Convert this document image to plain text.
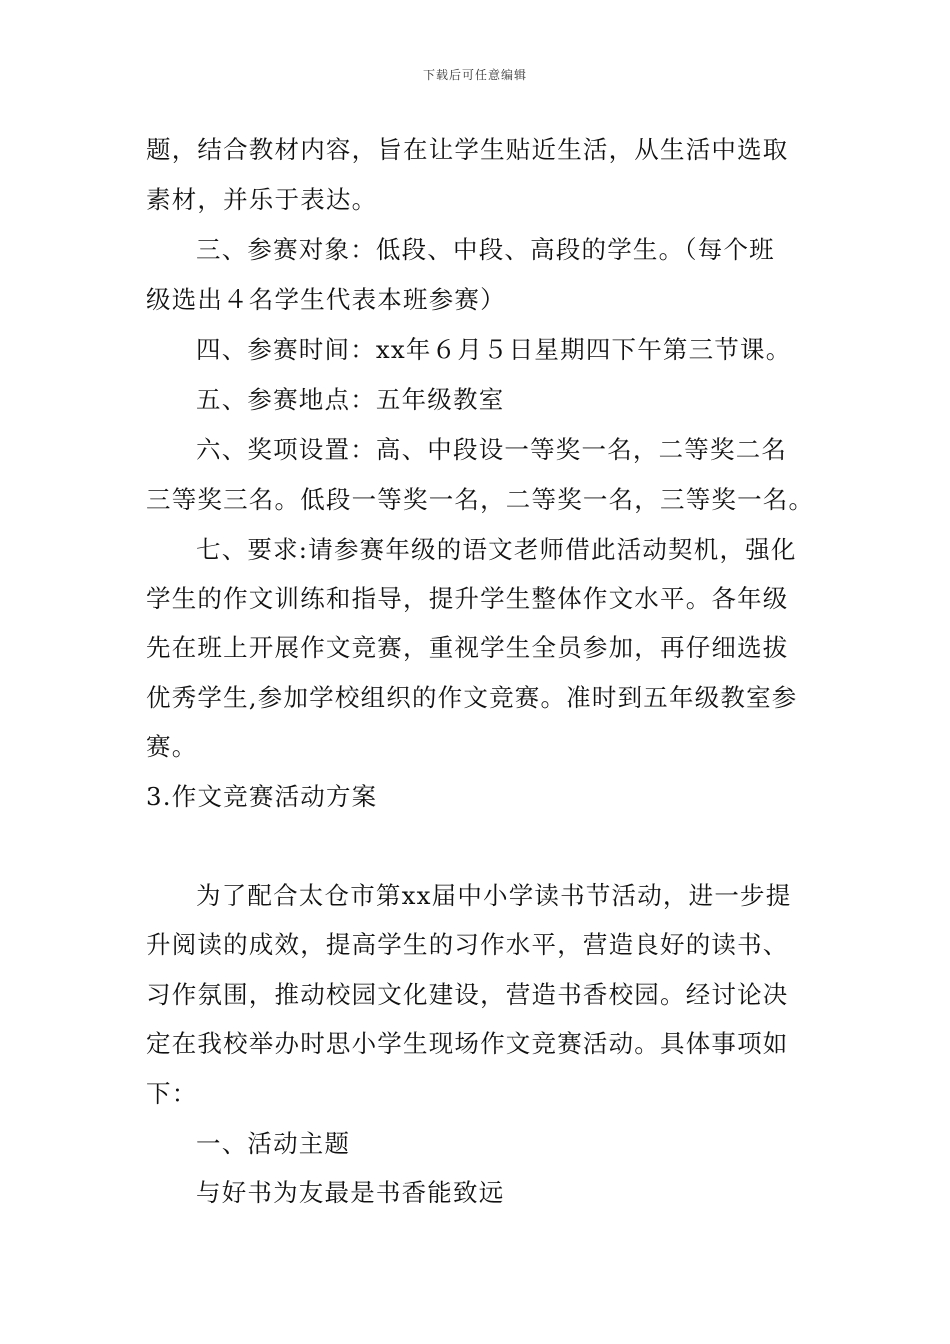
下载后可任意编辑
题，结合教材内容，旨在让学生贴近生活，从生活中选取
素材，并乐于表达。
三、参赛对象：低段、中段、高段的学生。（每个班
级选出４名学生代表本班参赛）
四、参赛时间：xx年６月５日星期四下午第三节课。
五、参赛地点：五年级教室
六、奖项设置：高、中段设一等奖一名，二等奖二名
三等奖三名。低段一等奖一名，二等奖一名，三等奖一名。
七、要求:请参赛年级的语文老师借此活动契机，强化
学生的作文训练和指导，提升学生整体作文水平。各年级
先在班上开展作文竞赛，重视学生全员参加，再仔细选拔
优秀学生,参加学校组织的作文竞赛。准时到五年级教室参
赛。
3.作文竞赛活动方案
为了配合太仓市第xx届中小学读书节活动，进一步提
升阅读的成效，提高学生的习作水平，营造良好的读书、
习作氛围，推动校园文化建设，营造书香校园。经讨论决
定在我校举办时思小学生现场作文竞赛活动。具体事项如
下：
一、活动主题
与好书为友最是书香能致远
